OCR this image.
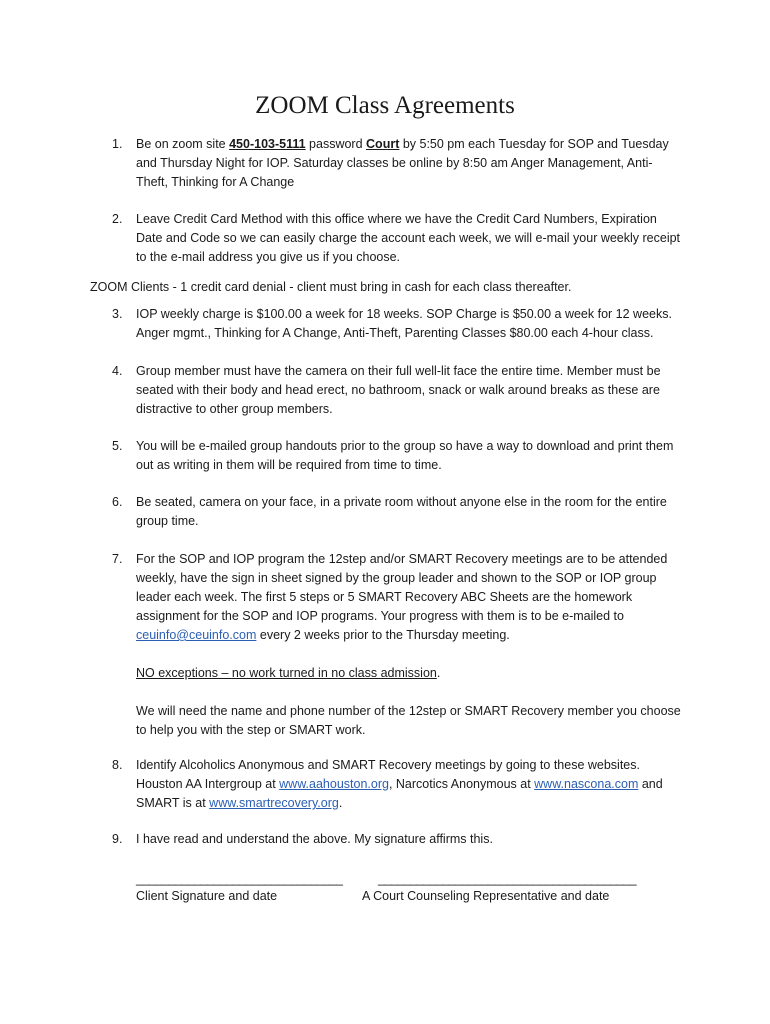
ZOOM Class Agreements
1. Be on zoom site 450-103-5111 password Court by 5:50 pm each Tuesday for SOP and Tuesday and Thursday Night for IOP. Saturday classes be online by 8:50 am Anger Management, Anti-Theft, Thinking for A Change

2. Leave Credit Card Method with this office where we have the Credit Card Numbers, Expiration Date and Code so we can easily charge the account each week, we will e-mail your weekly receipt to the e-mail address you give us if you choose.

ZOOM Clients - 1 credit card denial - client must bring in cash for each class thereafter.
3. IOP weekly charge is $100.00 a week for 18 weeks. SOP Charge is $50.00 a week for 12 weeks. Anger mgmt., Thinking for A Change, Anti-Theft, Parenting Classes $80.00 each 4-hour class.

4. Group member must have the camera on their full well-lit face the entire time. Member must be seated with their body and head erect, no bathroom, snack or walk around breaks as these are distractive to other group members.

5. You will be e-mailed group handouts prior to the group so have a way to download and print them out as writing in them will be required from time to time.

6. Be seated, camera on your face, in a private room without anyone else in the room for the entire group time.

7. For the SOP and IOP program the 12step and/or SMART Recovery meetings are to be attended weekly, have the sign in sheet signed by the group leader and shown to the SOP or IOP group leader each week. The first 5 steps or 5 SMART Recovery ABC Sheets are the homework assignment for the SOP and IOP programs. Your progress with them is to be e-mailed to ceuinfo@ceuinfo.com every 2 weeks prior to the Thursday meeting.

NO exceptions – no work turned in no class admission.

We will need the name and phone number of the 12step or SMART Recovery member you choose to help you with the step or SMART work.

8. Identify Alcoholics Anonymous and SMART Recovery meetings by going to these websites. Houston AA Intergroup at www.aahouston.org, Narcotics Anonymous at www.nascona.com and SMART is at www.smartrecovery.org.

9. I have read and understand the above. My signature affirms this.

________________________________	________________________________________
Client Signature and date	A Court Counseling Representative and date
